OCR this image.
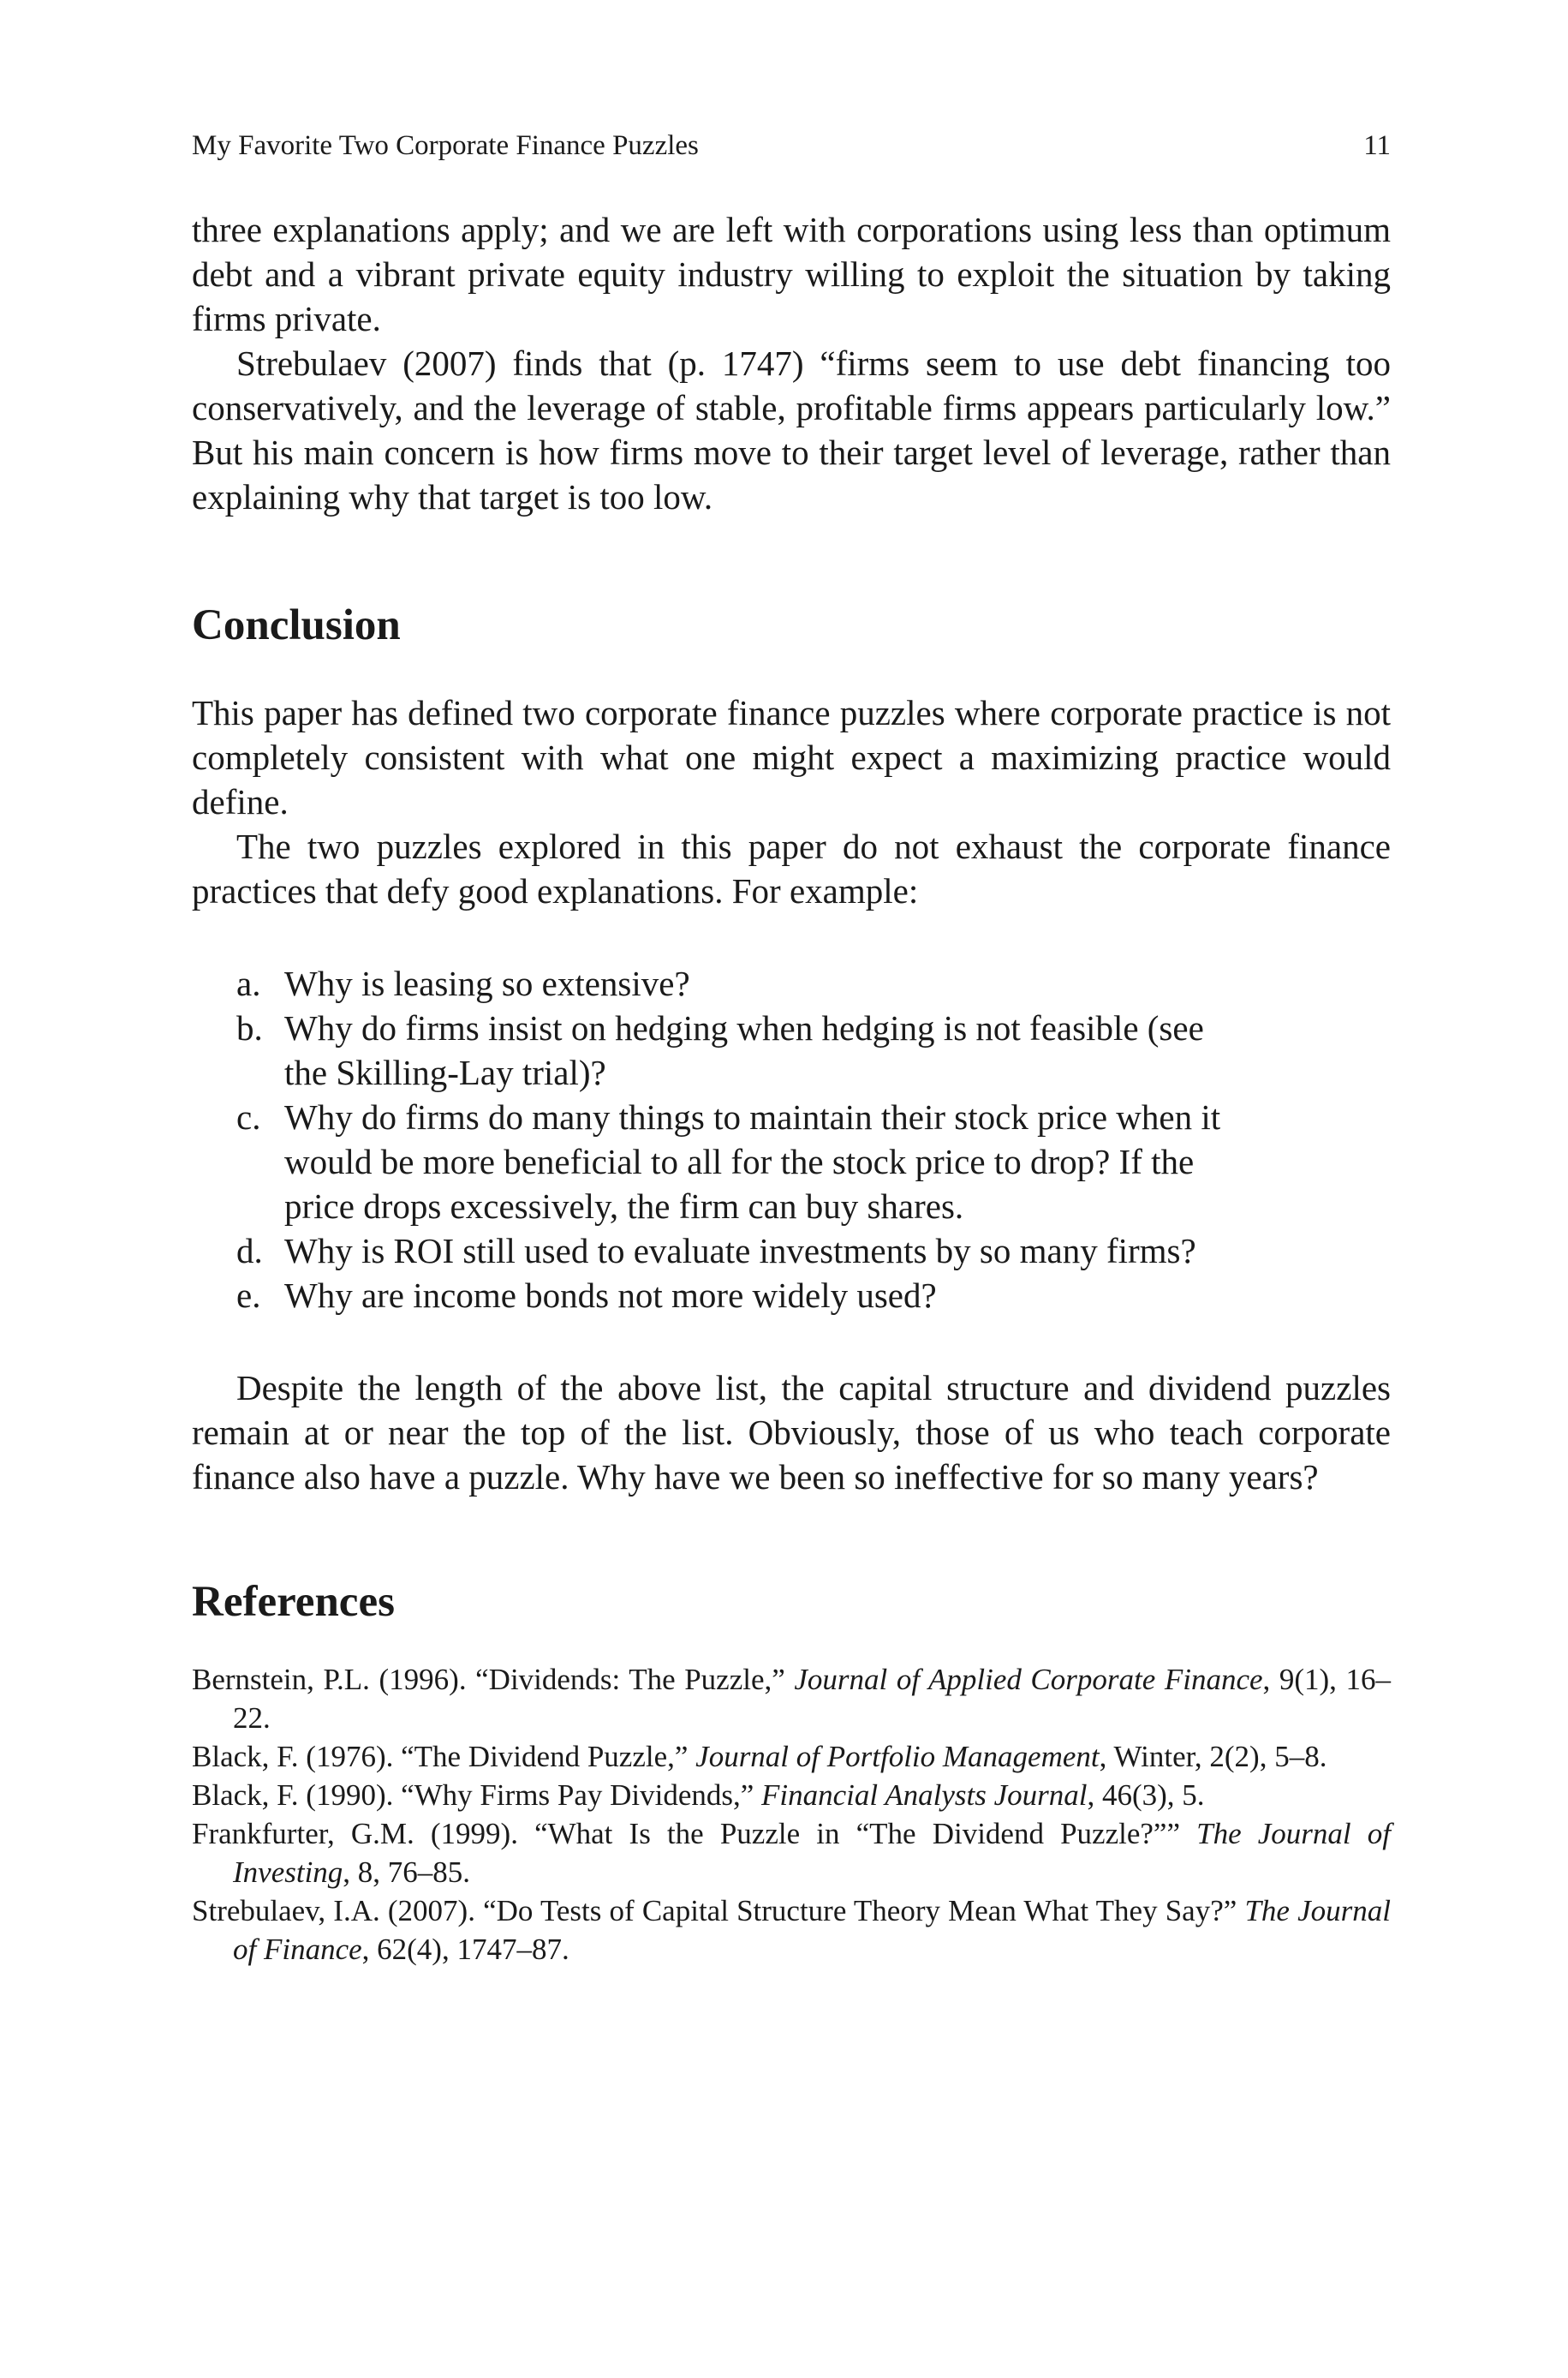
My Favorite Two Corporate Finance Puzzles	11

three explanations apply; and we are left with corporations using less than optimum debt and a vibrant private equity industry willing to exploit the situation by taking firms private.

Strebulaev (2007) finds that (p. 1747) “firms seem to use debt financing too conservatively, and the leverage of stable, profitable firms appears particularly low.” But his main concern is how firms move to their target level of leverage, rather than explaining why that target is too low.

Conclusion

This paper has defined two corporate finance puzzles where corporate practice is not completely consistent with what one might expect a maximizing practice would define.

The two puzzles explored in this paper do not exhaust the corporate finance practices that defy good explanations. For example:

a. Why is leasing so extensive?
b. Why do firms insist on hedging when hedging is not feasible (see the Skilling-Lay trial)?
c. Why do firms do many things to maintain their stock price when it would be more beneficial to all for the stock price to drop? If the price drops excessively, the firm can buy shares.
d. Why is ROI still used to evaluate investments by so many firms?
e. Why are income bonds not more widely used?

Despite the length of the above list, the capital structure and dividend puzzles remain at or near the top of the list. Obviously, those of us who teach corporate finance also have a puzzle. Why have we been so ineffective for so many years?

References

Bernstein, P.L. (1996). “Dividends: The Puzzle,” Journal of Applied Corporate Finance, 9(1), 16–22.

Black, F. (1976). “The Dividend Puzzle,” Journal of Portfolio Management, Winter, 2(2), 5–8.

Black, F. (1990). “Why Firms Pay Dividends,” Financial Analysts Journal, 46(3), 5.

Frankfurter, G.M. (1999). “What Is the Puzzle in “The Dividend Puzzle?”” The Journal of Investing, 8, 76–85.

Strebulaev, I.A. (2007). “Do Tests of Capital Structure Theory Mean What They Say?” The Journal of Finance, 62(4), 1747–87.
